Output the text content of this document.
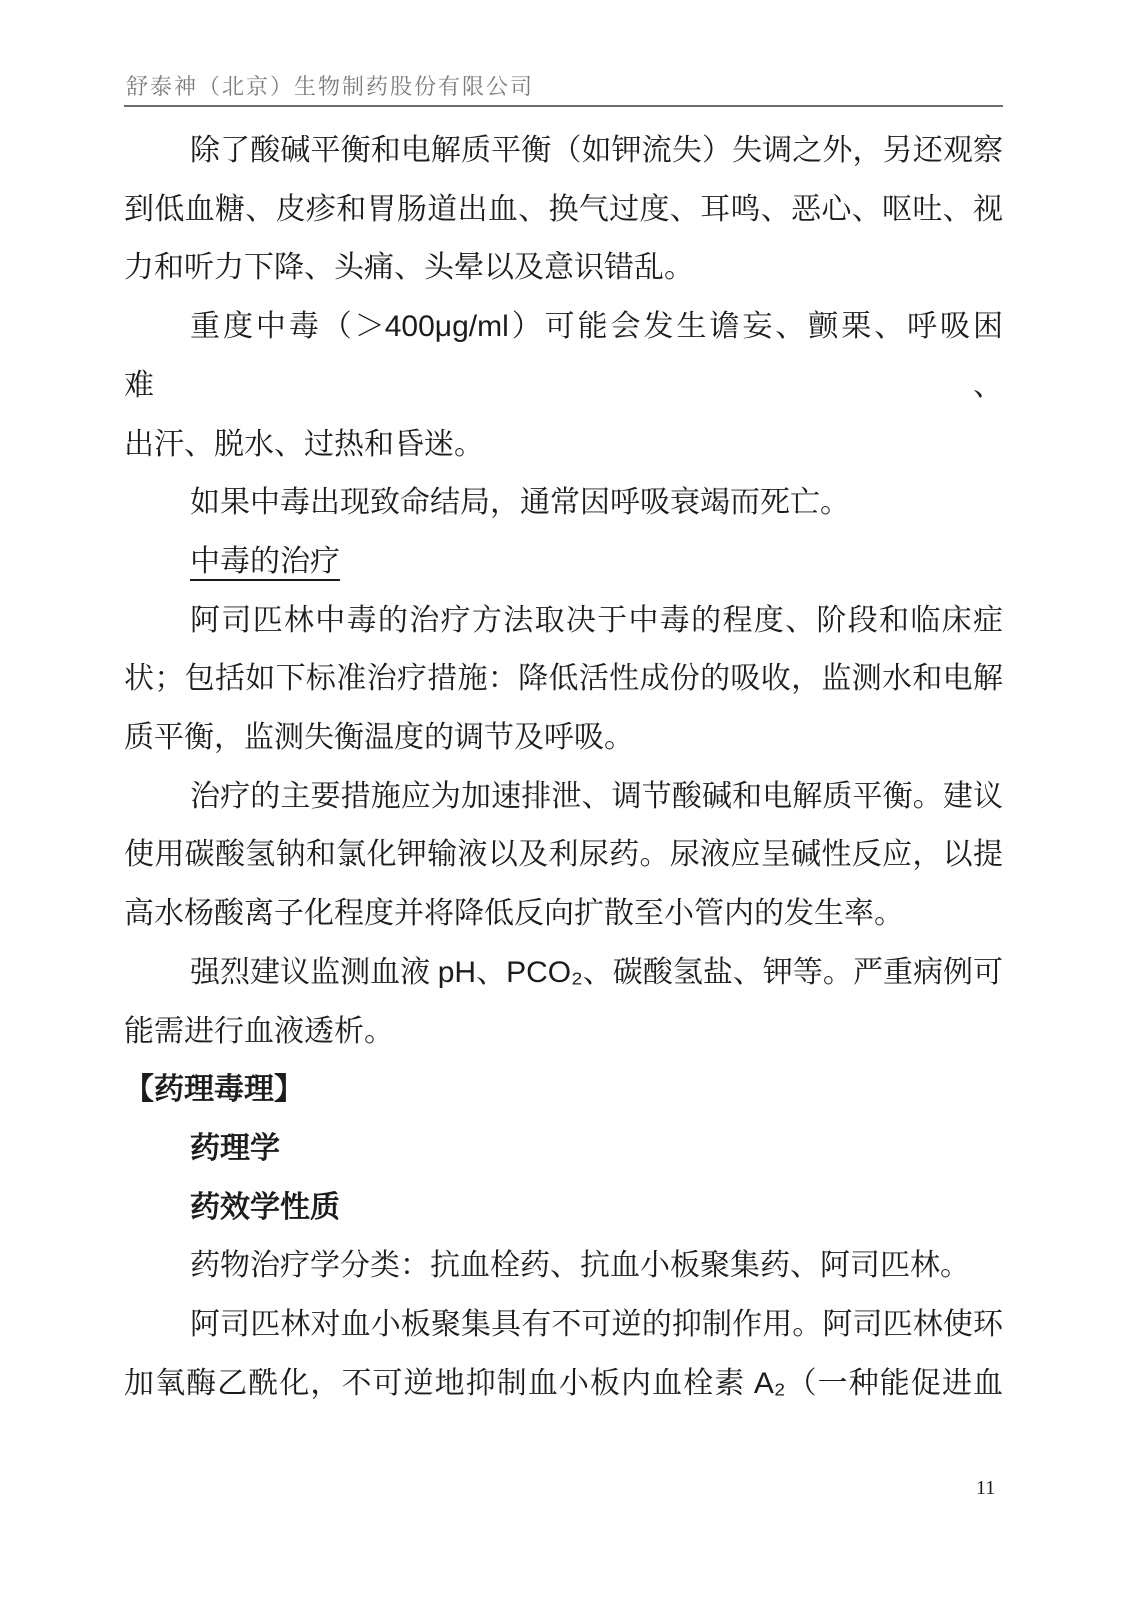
舒泰神（北京）生物制药股份有限公司
除了酸碱平衡和电解质平衡（如钾流失）失调之外，另还观察
到低血糖、皮疹和胃肠道出血、换气过度、耳鸣、恶心、呕吐、视
力和听力下降、头痛、头晕以及意识错乱。
重度中毒（＞400μg/ml）可能会发生谵妄、颤栗、呼吸困难、
出汗、脱水、过热和昏迷。
如果中毒出现致命结局，通常因呼吸衰竭而死亡。
中毒的治疗
阿司匹林中毒的治疗方法取决于中毒的程度、阶段和临床症
状；包括如下标准治疗措施：降低活性成份的吸收，监测水和电解
质平衡，监测失衡温度的调节及呼吸。
治疗的主要措施应为加速排泄、调节酸碱和电解质平衡。建议
使用碳酸氢钠和氯化钾输液以及利尿药。尿液应呈碱性反应，以提
高水杨酸离子化程度并将降低反向扩散至小管内的发生率。
强烈建议监测血液 pH、PCO₂、碳酸氢盐、钾等。严重病例可
能需进行血液透析。
【药理毒理】
药理学
药效学性质
药物治疗学分类：抗血栓药、抗血小板聚集药、阿司匹林。
阿司匹林对血小板聚集具有不可逆的抑制作用。阿司匹林使环
加氧酶乙酰化，不可逆地抑制血小板内血栓素 A₂（一种能促进血
11
